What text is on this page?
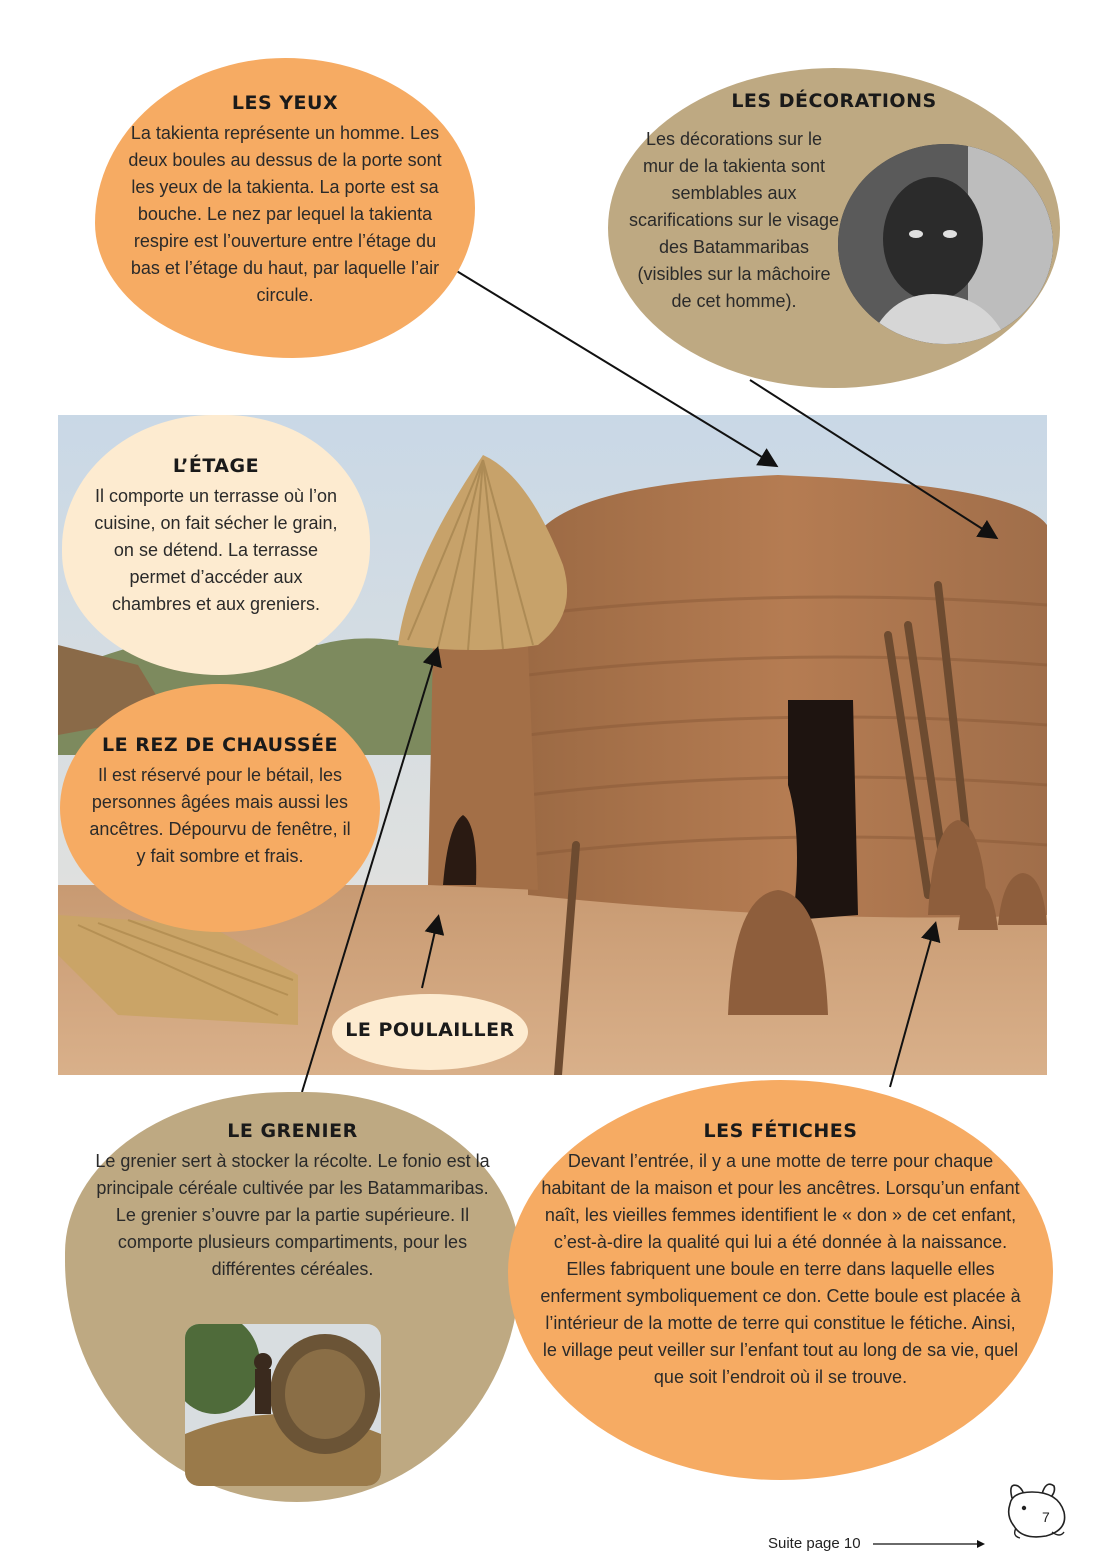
LES YEUX

La takienta représente un homme. Les deux boules au dessus de la porte sont les yeux de la takienta. La porte est sa bouche. Le nez par lequel la takienta respire est l’ouverture entre l’étage du bas et l’étage du haut, par laquelle l’air circule.

LES DÉCORATIONS

Les décorations sur le mur de la takienta sont semblables aux scarifications sur le visage des Batammaribas (visibles sur la mâchoire de cet homme).

L’ÉTAGE

Il comporte un terrasse où l’on cuisine, on fait sécher le grain, on se détend. La terrasse permet d’accéder aux chambres et aux greniers.

LE REZ DE CHAUSSÉE

Il est réservé pour le bétail, les personnes âgées mais aussi les ancêtres. Dépourvu de fenêtre, il y fait sombre et frais.

LE POULAILLER
LE GRENIER

Le grenier sert à stocker la récolte. Le fonio est la principale céréale cultivée par les Batammaribas. Le grenier s’ouvre par la partie supérieure. Il comporte plusieurs compartiments, pour les différentes céréales.

LES FÉTICHES

Devant l’entrée, il y a une motte de terre pour chaque habitant de la maison et pour les ancêtres. Lorsqu’un enfant naît, les vieilles femmes identifient le « don » de cet enfant, c’est-à-dire la qualité qui lui a été donnée à la naissance. Elles fabriquent une boule en terre dans laquelle elles enferment symboliquement ce don. Cette boule est placée à l’intérieur de la motte de terre qui constitue le fétiche. Ainsi, le village peut veiller sur l’enfant tout au long de sa vie, quel que soit l’endroit où il se trouve.

Suite page 10
7
